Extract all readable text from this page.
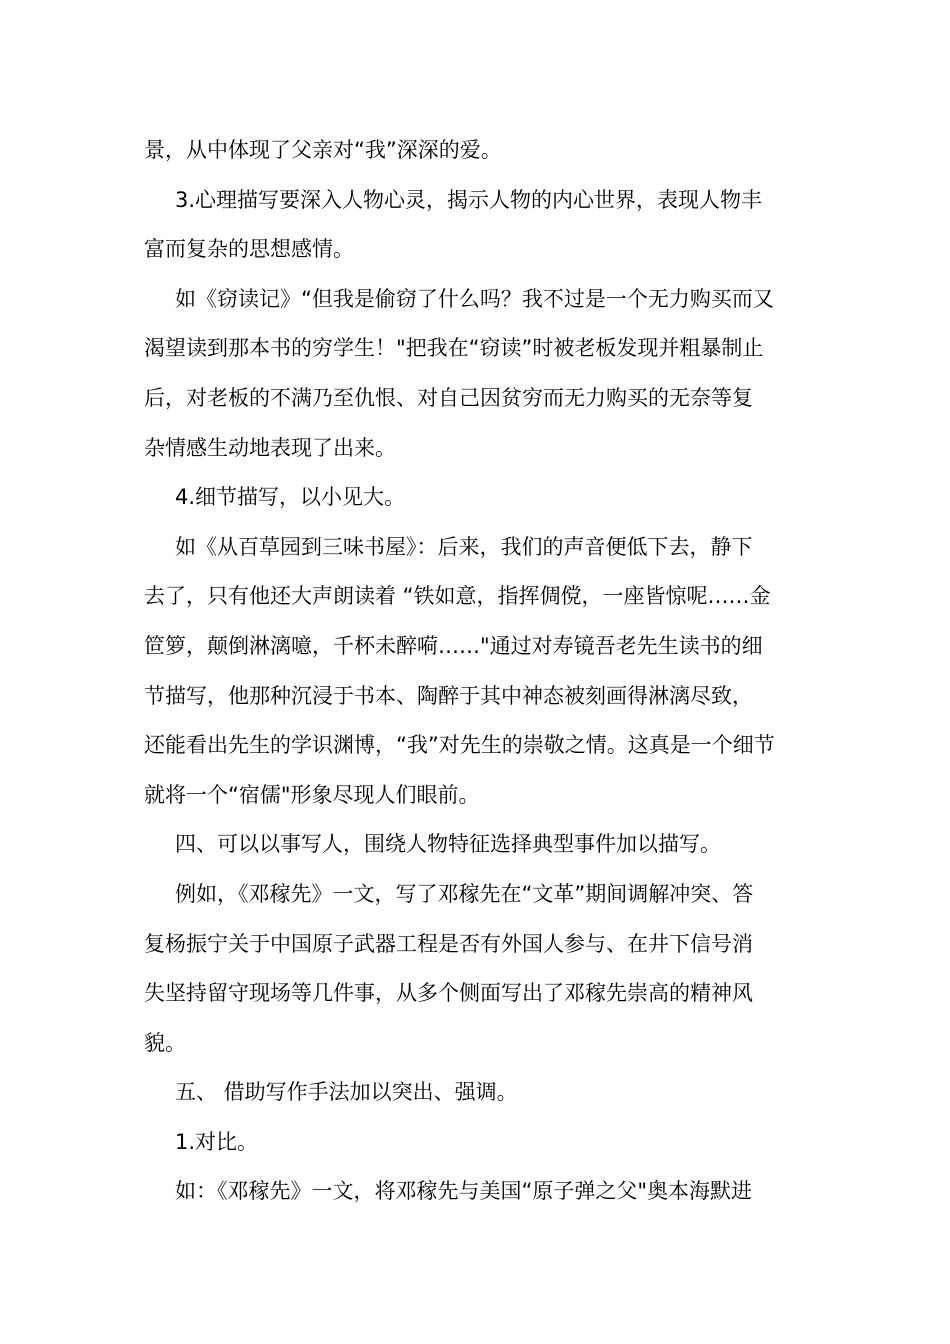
景，从中体现了父亲对“我”深深的爱。
3.心理描写要深入人物心灵，揭示人物的内心世界，表现人物丰
富而复杂的思想感情。
如《窃读记》“但我是偷窃了什么吗？我不过是一个无力购买而又
渴望读到那本书的穷学生！"把我在“窃读”时被老板发现并粗暴制止
后，对老板的不满乃至仇恨、对自己因贫穷而无力购买的无奈等复
杂情感生动地表现了出来。
4.细节描写，以小见大。
如《从百草园到三味书屋》：后来，我们的声音便低下去，静下
去了，只有他还大声朗读着 “铁如意，指挥倜傥，一座皆惊呢……金
笸箩，颠倒淋漓噫，千杯未醉嗬……"通过对寿镜吾老先生读书的细
节描写，他那种沉浸于书本、陶醉于其中神态被刻画得淋漓尽致，
还能看出先生的学识渊博，“我”对先生的崇敬之情。这真是一个细节
就将一个“宿儒"形象尽现人们眼前。
四、可以以事写人，围绕人物特征选择典型事件加以描写。
例如，《邓稼先》一文，写了邓稼先在“文革”期间调解冲突、答
复杨振宁关于中国原子武器工程是否有外国人参与、在井下信号消
失坚持留守现场等几件事，从多个侧面写出了邓稼先崇高的精神风
貌。
五、 借助写作手法加以突出、强调。
1.对比。
如：《邓稼先》一文，将邓稼先与美国“原子弹之父"奥本海默进
